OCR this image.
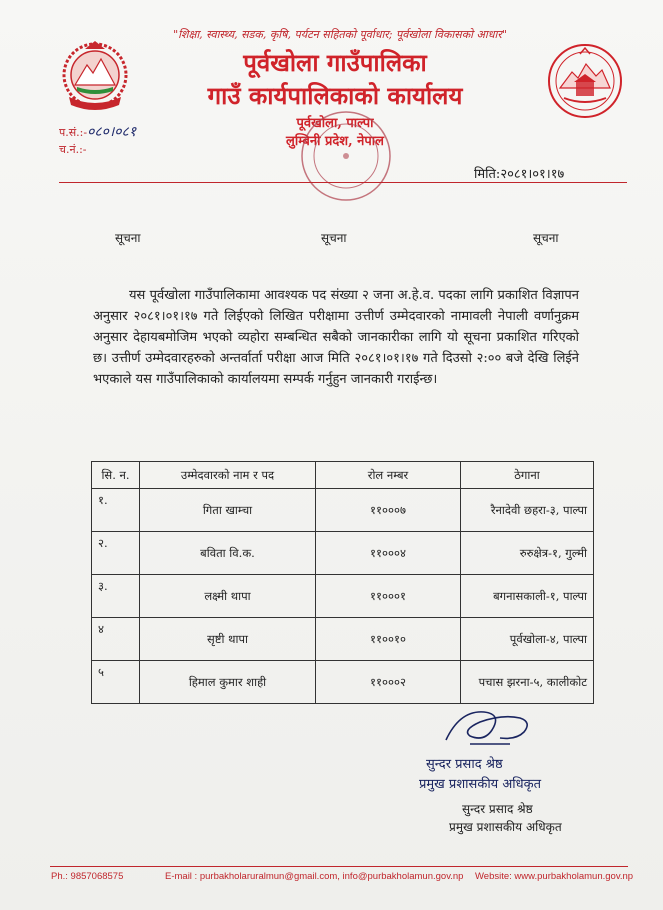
"शिक्षा, स्वास्थ्य, सडक, कृषि, पर्यटन सहितको पूर्वाधार; पूर्वखोला विकासको आधार"
पूर्वखोला गाउँपालिका
गाउँ कार्यपालिकाको कार्यालय
पूर्वखोला, पाल्पा
लुम्बिनी प्रदेश, नेपाल
प.सं.:-०८०।०८१
च.नं.:-
मिति:२०८१।०१।१७
सूचना	सूचना	सूचना

यस पूर्वखोला गाउँपालिकामा आवश्यक पद संख्या २ जना अ.हे.व. पदका लागि प्रकाशित विज्ञापन अनुसार २०८१।०१।१७ गते लिईएको लिखित परीक्षामा उत्तीर्ण उम्मेदवारको नामावली नेपाली वर्णानुक्रम अनुसार देहायबमोजिम भएको व्यहोरा सम्बन्धित सबैको जानकारीका लागि यो सूचना प्रकाशित गरिएको छ। उत्तीर्ण उम्मेदवारहरुको अन्तर्वार्ता परीक्षा आज मिति २०८१।०१।१७ गते दिउसो २:०० बजे देखि लिईने भएकाले यस गाउँपालिकाको कार्यालयमा सम्पर्क गर्नुहुन जानकारी गराईन्छ।

सि. न.	उम्मेदवारको नाम र पद	रोल नम्बर	ठेगाना
१.	गिता खाम्चा	११०००७	रैनादेवी छहरा-३, पाल्पा
२.	बविता वि.क.	११०००४	रुरुक्षेत्र-१, गुल्मी
३.	लक्ष्मी थापा	११०००१	बगनासकाली-१, पाल्पा
४	सृष्टी थापा	११००१०	पूर्वखोला-४, पाल्पा
५	हिमाल कुमार शाही	११०००२	पचास झरना-५, कालीकोट
सुन्दर प्रसाद श्रेष्ठ
प्रमुख प्रशासकीय अधिकृत
सुन्दर प्रसाद श्रेष्ठ
प्रमुख प्रशासकीय अधिकृत
Ph.: 9857068575	E-mail : purbakholaruralmun@gmail.com, info@purbakholamun.gov.np Website: www.purbakholamun.gov.np
